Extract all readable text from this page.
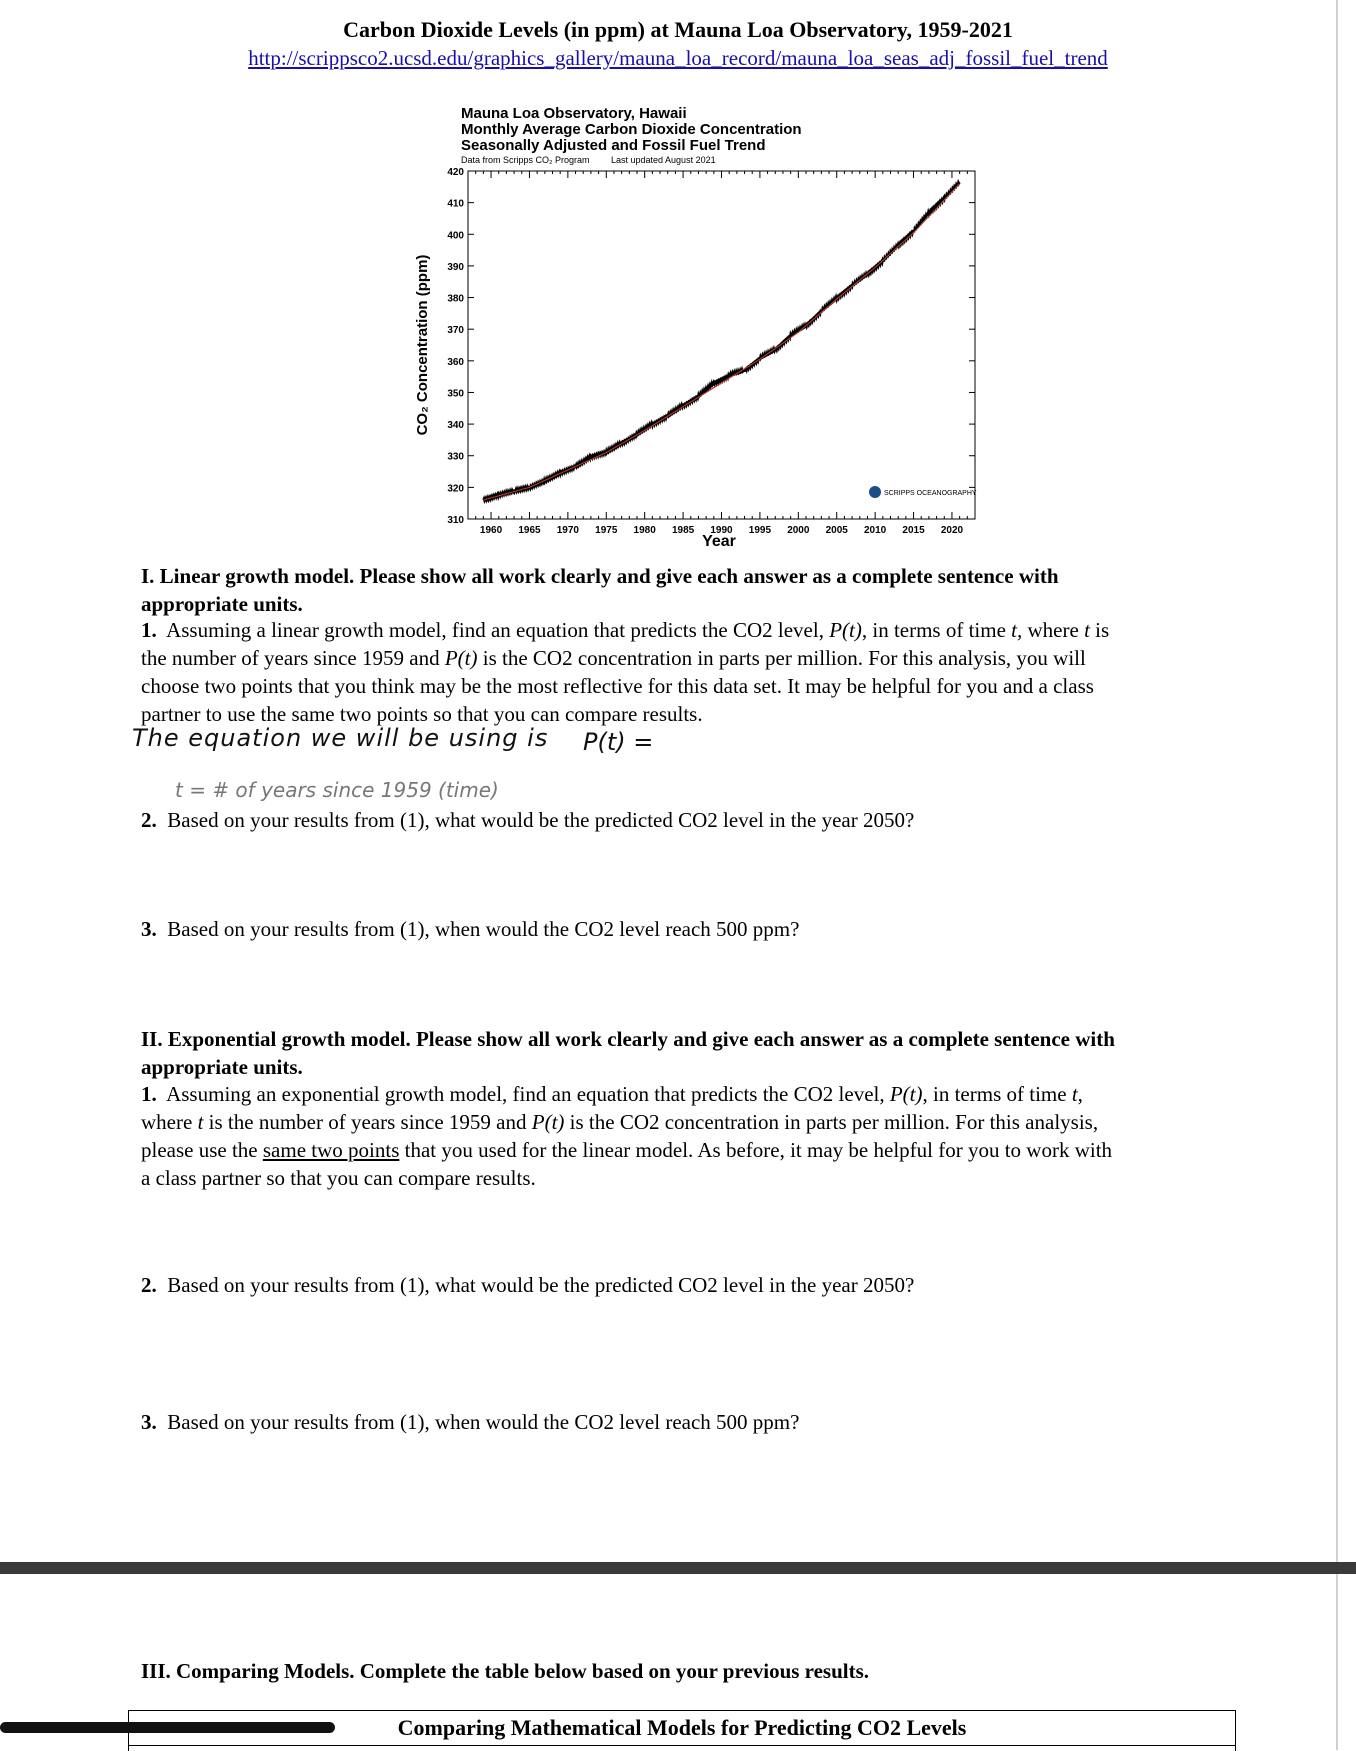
Carbon Dioxide Levels (in ppm) at Mauna Loa Observatory, 1959-2021
http://scrippsco2.ucsd.edu/graphics_gallery/mauna_loa_record/mauna_loa_seas_adj_fossil_fuel_trend
Mauna Loa Observatory, Hawaii
Monthly Average Carbon Dioxide Concentration
Seasonally Adjusted and Fossil Fuel Trend
Data from Scripps CO₂ Program Last updated August 2021
310
320
330
340
350
360
370
380
390
400
410
420
1960 1965 1970 1975 1980 1985 1990 1995 2000 2005 2010 2015 2020
CO₂ Concentration (ppm)
Year
SCRIPPS OCEANOGRAPHY
I. Linear growth model. Please show all work clearly and give each answer as a complete sentence with
appropriate units.
1. Assuming a linear growth model, find an equation that predicts the CO2 level, P(t), in terms of time t, where t is
the number of years since 1959 and P(t) is the CO2 concentration in parts per million. For this analysis, you will
choose two points that you think may be the most reflective for this data set. It may be helpful for you and a class
partner to use the same two points so that you can compare results.
The equation we will be using is P(t) =
t = # of years since 1959 (time)
2. Based on your results from (1), what would be the predicted CO2 level in the year 2050?
3. Based on your results from (1), when would the CO2 level reach 500 ppm?
II. Exponential growth model. Please show all work clearly and give each answer as a complete sentence with
appropriate units.
1. Assuming an exponential growth model, find an equation that predicts the CO2 level, P(t), in terms of time t,
where t is the number of years since 1959 and P(t) is the CO2 concentration in parts per million. For this analysis,
please use the same two points that you used for the linear model. As before, it may be helpful for you to work with
a class partner so that you can compare results.
2. Based on your results from (1), what would be the predicted CO2 level in the year 2050?
3. Based on your results from (1), when would the CO2 level reach 500 ppm?
III. Comparing Models. Complete the table below based on your previous results.
Comparing Mathematical Models for Predicting CO2 Levels
